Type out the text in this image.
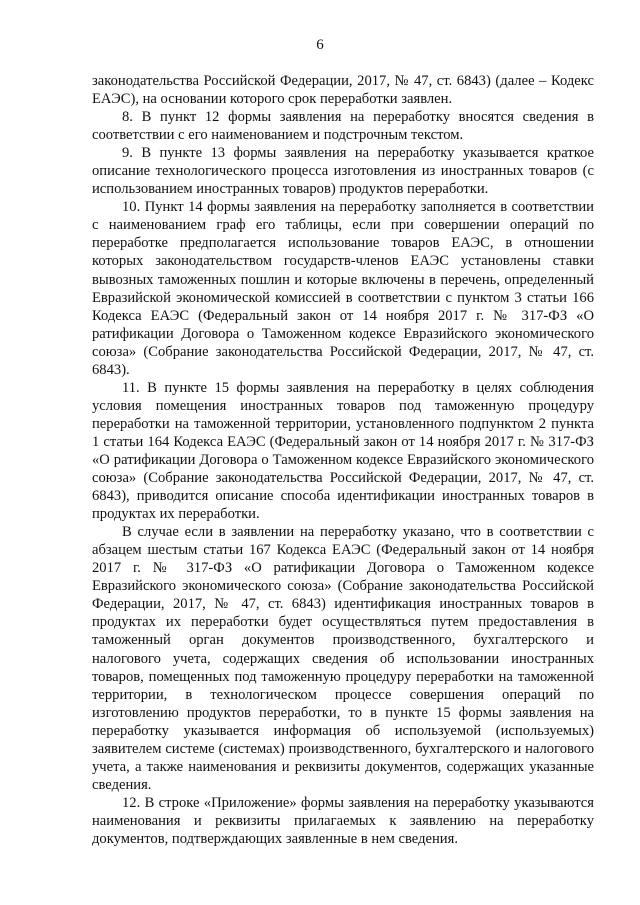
6

законодательства Российской Федерации, 2017, № 47, ст. 6843) (далее – Кодекс ЕАЭС), на основании которого срок переработки заявлен.

8. В пункт 12 формы заявления на переработку вносятся сведения в соответствии с его наименованием и подстрочным текстом.

9. В пункте 13 формы заявления на переработку указывается краткое описание технологического процесса изготовления из иностранных товаров (с использованием иностранных товаров) продуктов переработки.

10. Пункт 14 формы заявления на переработку заполняется в соответствии с наименованием граф его таблицы, если при совершении операций по переработке предполагается использование товаров ЕАЭС, в отношении которых законодательством государств-членов ЕАЭС установлены ставки вывозных таможенных пошлин и которые включены в перечень, определенный Евразийской экономической комиссией в соответствии с пунктом 3 статьи 166 Кодекса ЕАЭС (Федеральный закон от 14 ноября 2017 г. № 317-ФЗ «О ратификации Договора о Таможенном кодексе Евразийского экономического союза» (Собрание законодательства Российской Федерации, 2017, № 47, ст. 6843).

11. В пункте 15 формы заявления на переработку в целях соблюдения условия помещения иностранных товаров под таможенную процедуру переработки на таможенной территории, установленного подпунктом 2 пункта 1 статьи 164 Кодекса ЕАЭС (Федеральный закон от 14 ноября 2017 г. № 317-ФЗ «О ратификации Договора о Таможенном кодексе Евразийского экономического союза» (Собрание законодательства Российской Федерации, 2017, № 47, ст. 6843), приводится описание способа идентификации иностранных товаров в продуктах их переработки.

В случае если в заявлении на переработку указано, что в соответствии с абзацем шестым статьи 167 Кодекса ЕАЭС (Федеральный закон от 14 ноября 2017 г. № 317-ФЗ «О ратификации Договора о Таможенном кодексе Евразийского экономического союза» (Собрание законодательства Российской Федерации, 2017, № 47, ст. 6843) идентификация иностранных товаров в продуктах их переработки будет осуществляться путем предоставления в таможенный орган документов производственного, бухгалтерского и налогового учета, содержащих сведения об использовании иностранных товаров, помещенных под таможенную процедуру переработки на таможенной территории, в технологическом процессе совершения операций по изготовлению продуктов переработки, то в пункте 15 формы заявления на переработку указывается информация об используемой (используемых) заявителем системе (системах) производственного, бухгалтерского и налогового учета, а также наименования и реквизиты документов, содержащих указанные сведения.

12. В строке «Приложение» формы заявления на переработку указываются наименования и реквизиты прилагаемых к заявлению на переработку документов, подтверждающих заявленные в нем сведения.
